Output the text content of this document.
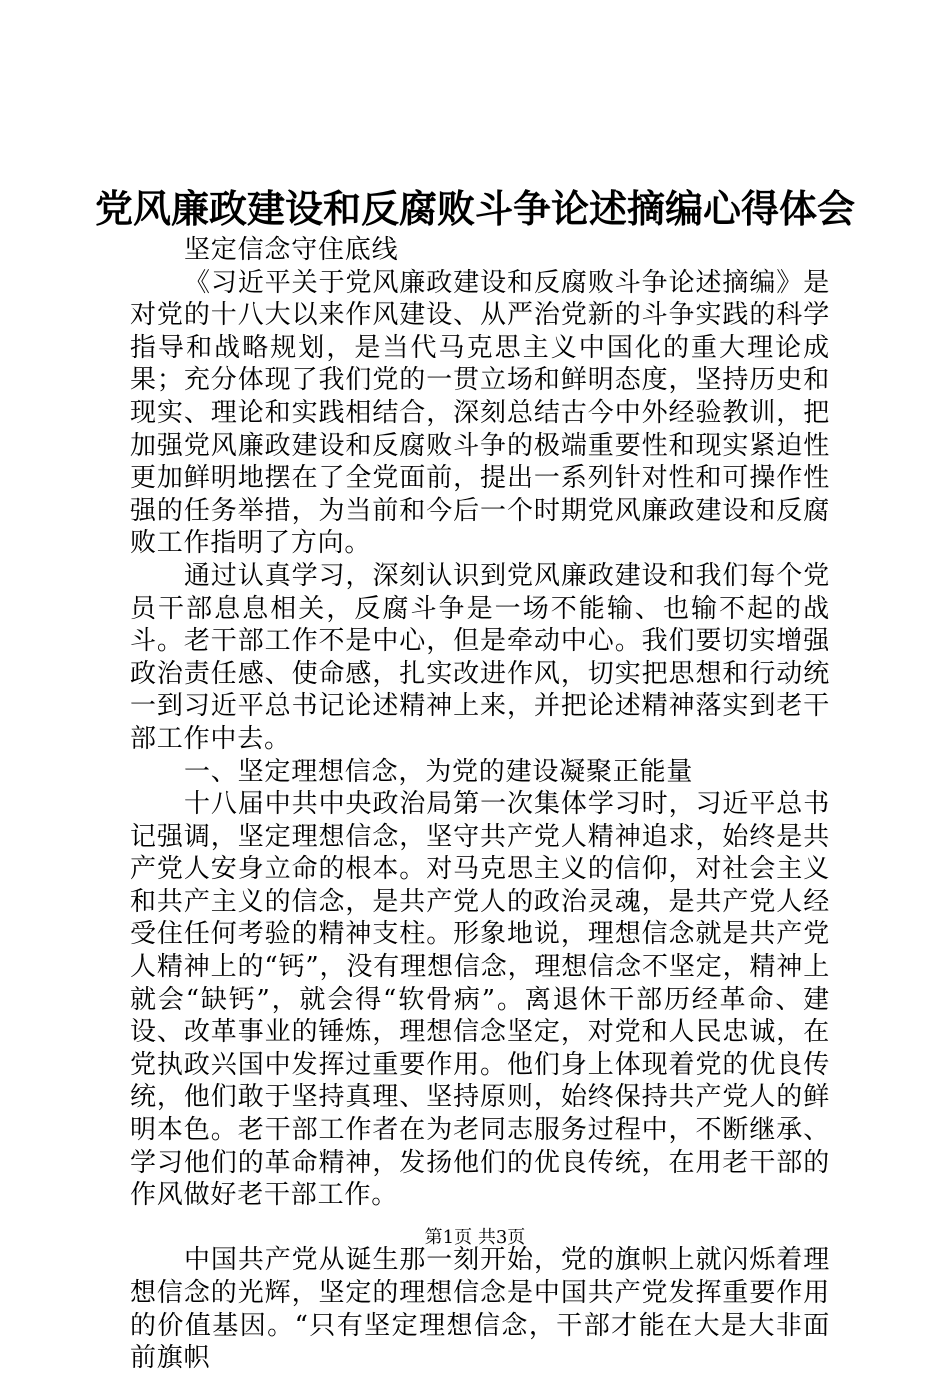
党风廉政建设和反腐败斗争论述摘编心得体会

坚定信念守住底线

《习近平关于党风廉政建设和反腐败斗争论述摘编》是对党的十八大以来作风建设、从严治党新的斗争实践的科学指导和战略规划，是当代马克思主义中国化的重大理论成果；充分体现了我们党的一贯立场和鲜明态度，坚持历史和现实、理论和实践相结合，深刻总结古今中外经验教训，把加强党风廉政建设和反腐败斗争的极端重要性和现实紧迫性更加鲜明地摆在了全党面前，提出一系列针对性和可操作性强的任务举措，为当前和今后一个时期党风廉政建设和反腐败工作指明了方向。

通过认真学习，深刻认识到党风廉政建设和我们每个党员干部息息相关，反腐斗争是一场不能输、也输不起的战斗。老干部工作不是中心，但是牵动中心。我们要切实增强政治责任感、使命感，扎实改进作风，切实把思想和行动统一到习近平总书记论述精神上来，并把论述精神落实到老干部工作中去。

一、坚定理想信念，为党的建设凝聚正能量

十八届中共中央政治局第一次集体学习时，习近平总书记强调，坚定理想信念，坚守共产党人精神追求，始终是共产党人安身立命的根本。对马克思主义的信仰，对社会主义和共产主义的信念，是共产党人的政治灵魂，是共产党人经受住任何考验的精神支柱。形象地说，理想信念就是共产党人精神上的“钙”，没有理想信念，理想信念不坚定，精神上就会“缺钙”，就会得“软骨病”。离退休干部历经革命、建设、改革事业的锤炼，理想信念坚定，对党和人民忠诚，在党执政兴国中发挥过重要作用。他们身上体现着党的优良传统，他们敢于坚持真理、坚持原则，始终保持共产党人的鲜明本色。老干部工作者在为老同志服务过程中，不断继承、学习他们的革命精神，发扬他们的优良传统，在用老干部的作风做好老干部工作。

中国共产党从诞生那一刻开始，党的旗帜上就闪烁着理想信念的光辉，坚定的理想信念是中国共产党发挥重要作用的价值基因。“只有坚定理想信念，干部才能在大是大非面前旗帜

第1页 共3页
